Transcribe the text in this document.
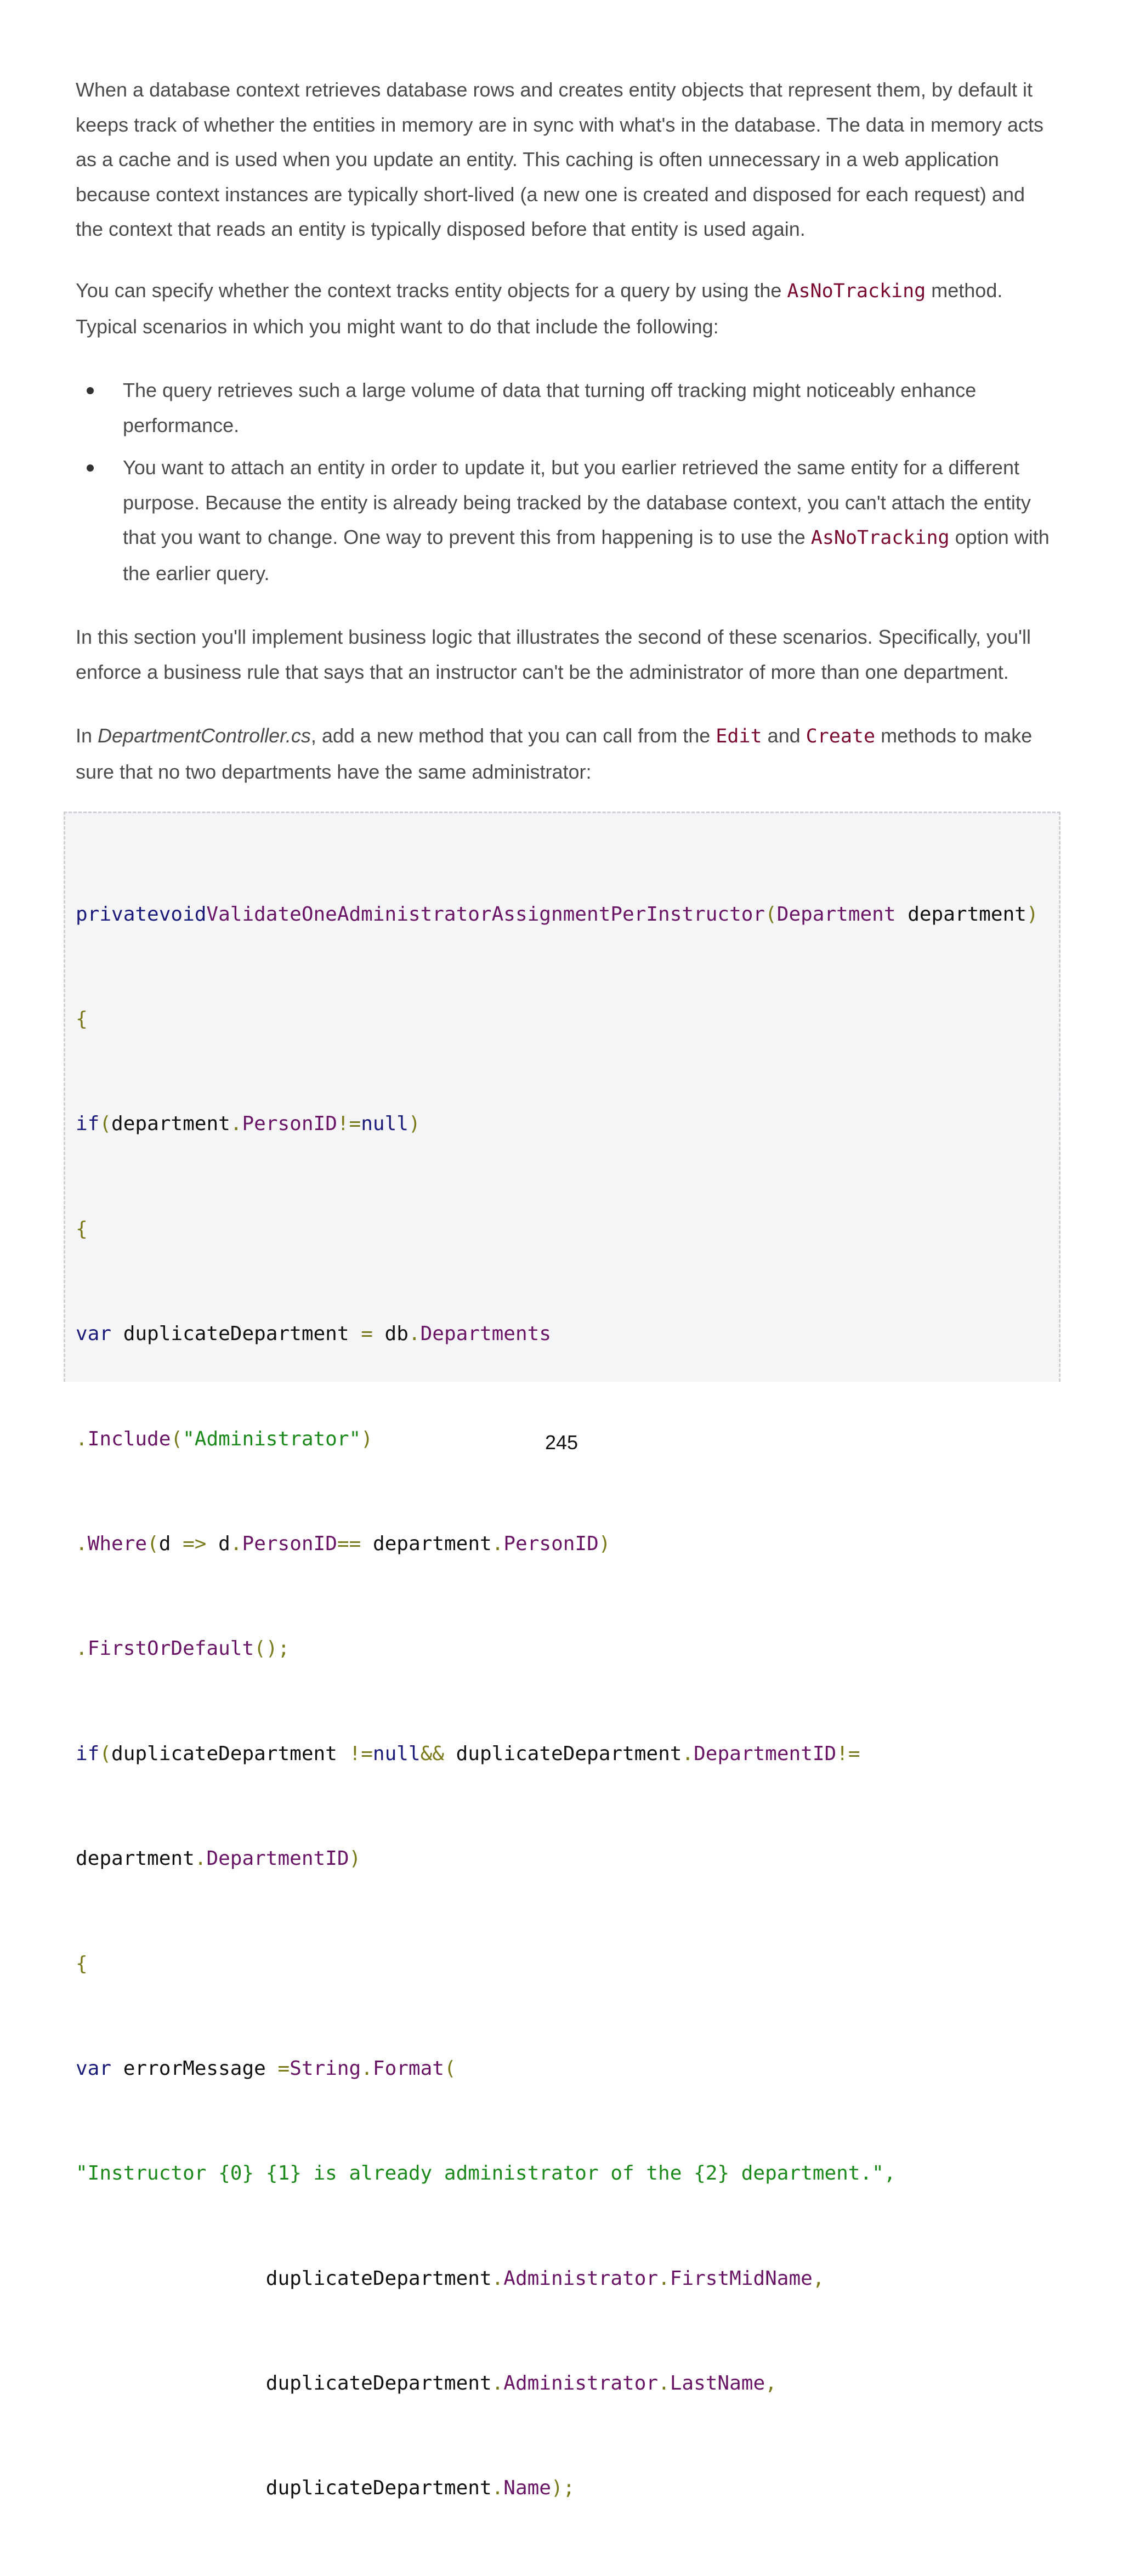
When a database context retrieves database rows and creates entity objects that represent them, by default it keeps track of whether the entities in memory are in sync with what's in the database. The data in memory acts as a cache and is used when you update an entity. This caching is often unnecessary in a web application because context instances are typically short-lived (a new one is created and disposed for each request) and the context that reads an entity is typically disposed before that entity is used again.

You can specify whether the context tracks entity objects for a query by using the AsNoTracking method. Typical scenarios in which you might want to do that include the following:

The query retrieves such a large volume of data that turning off tracking might noticeably enhance performance.
You want to attach an entity in order to update it, but you earlier retrieved the same entity for a different purpose. Because the entity is already being tracked by the database context, you can't attach the entity that you want to change. One way to prevent this from happening is to use the AsNoTracking option with the earlier query.

In this section you'll implement business logic that illustrates the second of these scenarios. Specifically, you'll enforce a business rule that says that an instructor can't be the administrator of more than one department.

In DepartmentController.cs, add a new method that you can call from the Edit and Create methods to make sure that no two departments have the same administrator:

privatevoidValidateOneAdministratorAssignmentPerInstructor(Department department)

{

if(department.PersonID!=null)

{

var duplicateDepartment = db.Departments

.Include("Administrator")

.Where(d => d.PersonID== department.PersonID)

.FirstOrDefault();

if(duplicateDepartment !=null&& duplicateDepartment.DepartmentID!=

department.DepartmentID)

{

var errorMessage =String.Format(

"Instructor {0} {1} is already administrator of the {2} department.",

duplicateDepartment.Administrator.FirstMidName,

duplicateDepartment.Administrator.LastName,

duplicateDepartment.Name);

245
